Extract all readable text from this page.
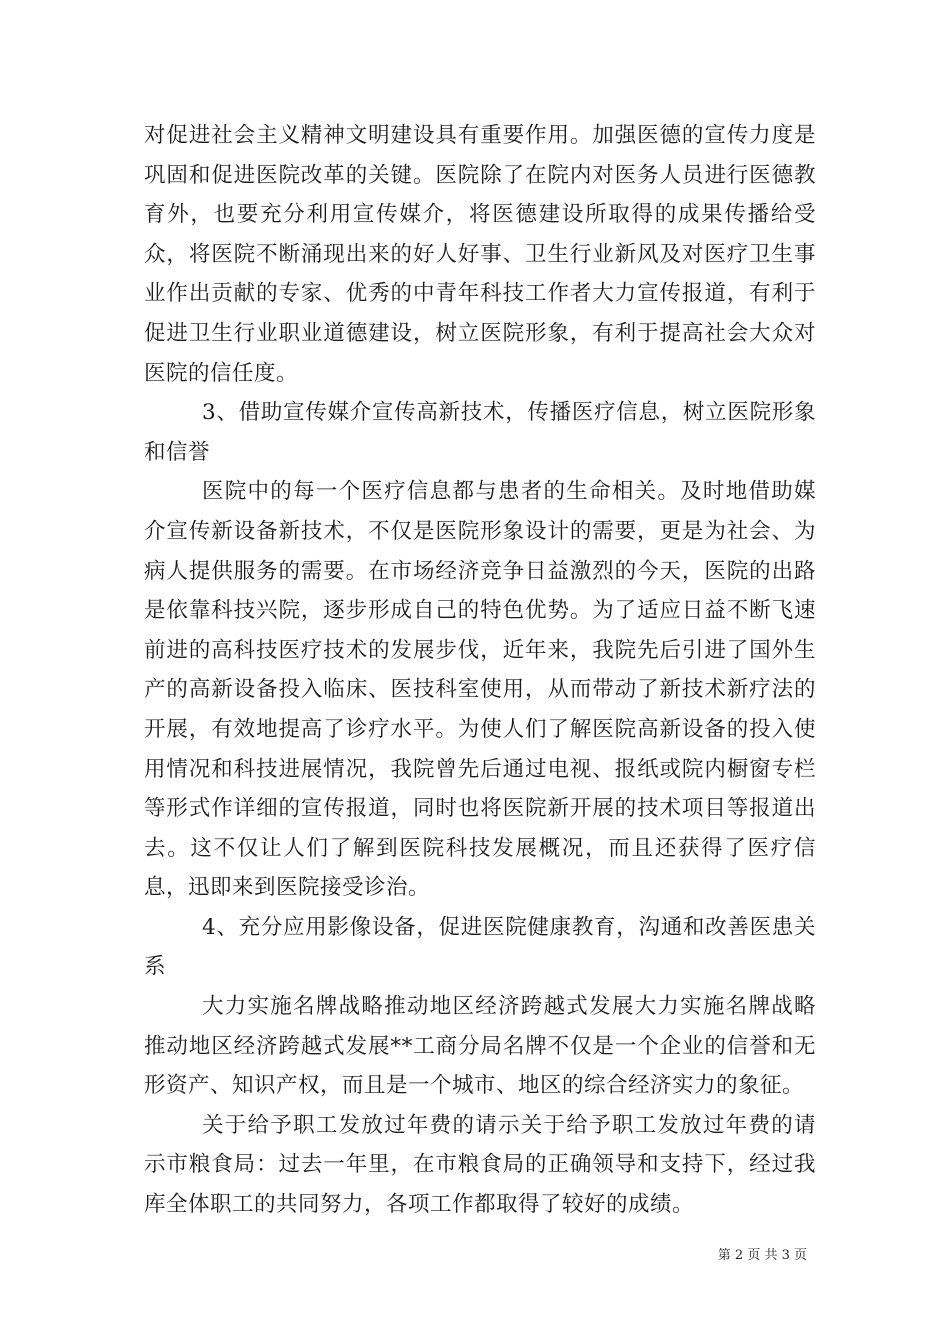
对促进社会主义精神文明建设具有重要作用。加强医德的宣传力度是巩固和促进医院改革的关键。医院除了在院内对医务人员进行医德教育外，也要充分利用宣传媒介，将医德建设所取得的成果传播给受众，将医院不断涌现出来的好人好事、卫生行业新风及对医疗卫生事业作出贡献的专家、优秀的中青年科技工作者大力宣传报道，有利于促进卫生行业职业道德建设，树立医院形象，有利于提高社会大众对医院的信任度。

3、借助宣传媒介宣传高新技术，传播医疗信息，树立医院形象和信誉

医院中的每一个医疗信息都与患者的生命相关。及时地借助媒介宣传新设备新技术，不仅是医院形象设计的需要，更是为社会、为病人提供服务的需要。在市场经济竞争日益激烈的今天，医院的出路是依靠科技兴院，逐步形成自己的特色优势。为了适应日益不断飞速前进的高科技医疗技术的发展步伐，近年来，我院先后引进了国外生产的高新设备投入临床、医技科室使用，从而带动了新技术新疗法的开展，有效地提高了诊疗水平。为使人们了解医院高新设备的投入使用情况和科技进展情况，我院曾先后通过电视、报纸或院内橱窗专栏等形式作详细的宣传报道，同时也将医院新开展的技术项目等报道出去。这不仅让人们了解到医院科技发展概况，而且还获得了医疗信息，迅即来到医院接受诊治。

4、充分应用影像设备，促进医院健康教育，沟通和改善医患关系

大力实施名牌战略推动地区经济跨越式发展大力实施名牌战略推动地区经济跨越式发展**工商分局名牌不仅是一个企业的信誉和无形资产、知识产权，而且是一个城市、地区的综合经济实力的象征。

关于给予职工发放过年费的请示关于给予职工发放过年费的请示市粮食局：过去一年里，在市粮食局的正确领导和支持下，经过我库全体职工的共同努力，各项工作都取得了较好的成绩。

第 2 页 共 3 页
